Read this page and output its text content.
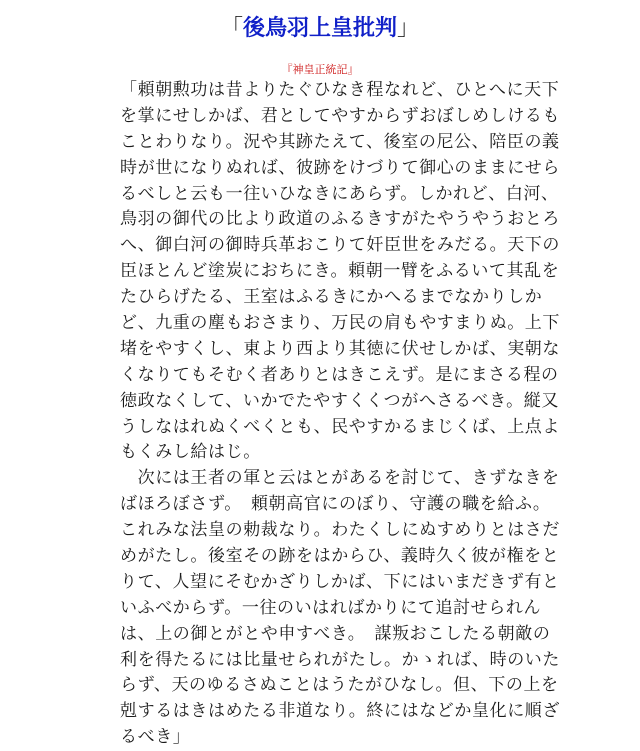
「後鳥羽上皇批判」
『神皇正統記』
「頼朝勲功は昔よりたぐひなき程なれど、ひとへに天下
を掌にせしかば、君としてやすからずおぼしめしけるも
ことわりなり。況や其跡たえて、後室の尼公、陪臣の義
時が世になりぬれば、彼跡をけづりて御心のままにせら
るべしと云も一往いひなきにあらず。しかれど、白河、
鳥羽の御代の比より政道のふるきすがたやうやうおとろ
へ、御白河の御時兵革おこりて奸臣世をみだる。天下の
臣ほとんど塗炭におちにき。頼朝一臂をふるいて其乱を
たひらげたる、王室はふるきにかへるまでなかりしか
ど、九重の塵もおさまり、万民の肩もやすまりぬ。上下
堵をやすくし、東より西より其徳に伏せしかば、実朝な
くなりてもそむく者ありとはきこえず。是にまさる程の
徳政なくして、いかでたやすくくつがへさるべき。縦又
うしなはれぬくべくとも、民やすかるまじくば、上点よ
もくみし給はじ。
　次には王者の軍と云はとがあるを討じて、きずなきを
ばほろぼさず。　頼朝高官にのぼり、守護の職を給ふ。
これみな法皇の勅裁なり。わたくしにぬすめりとはさだ
めがたし。後室その跡をはからひ、義時久く彼が権をと
りて、人望にそむかざりしかば、下にはいまだきず有と
いふべからず。一往のいはればかりにて追討せられん
は、上の御とがとや申すべき。　謀叛おこしたる朝敵の
利を得たるには比量せられがたし。かゝれば、時のいた
らず、天のゆるさぬことはうたがひなし。但、下の上を
剋するはきはめたる非道なり。終にはなどか皇化に順ざ
るべき」
